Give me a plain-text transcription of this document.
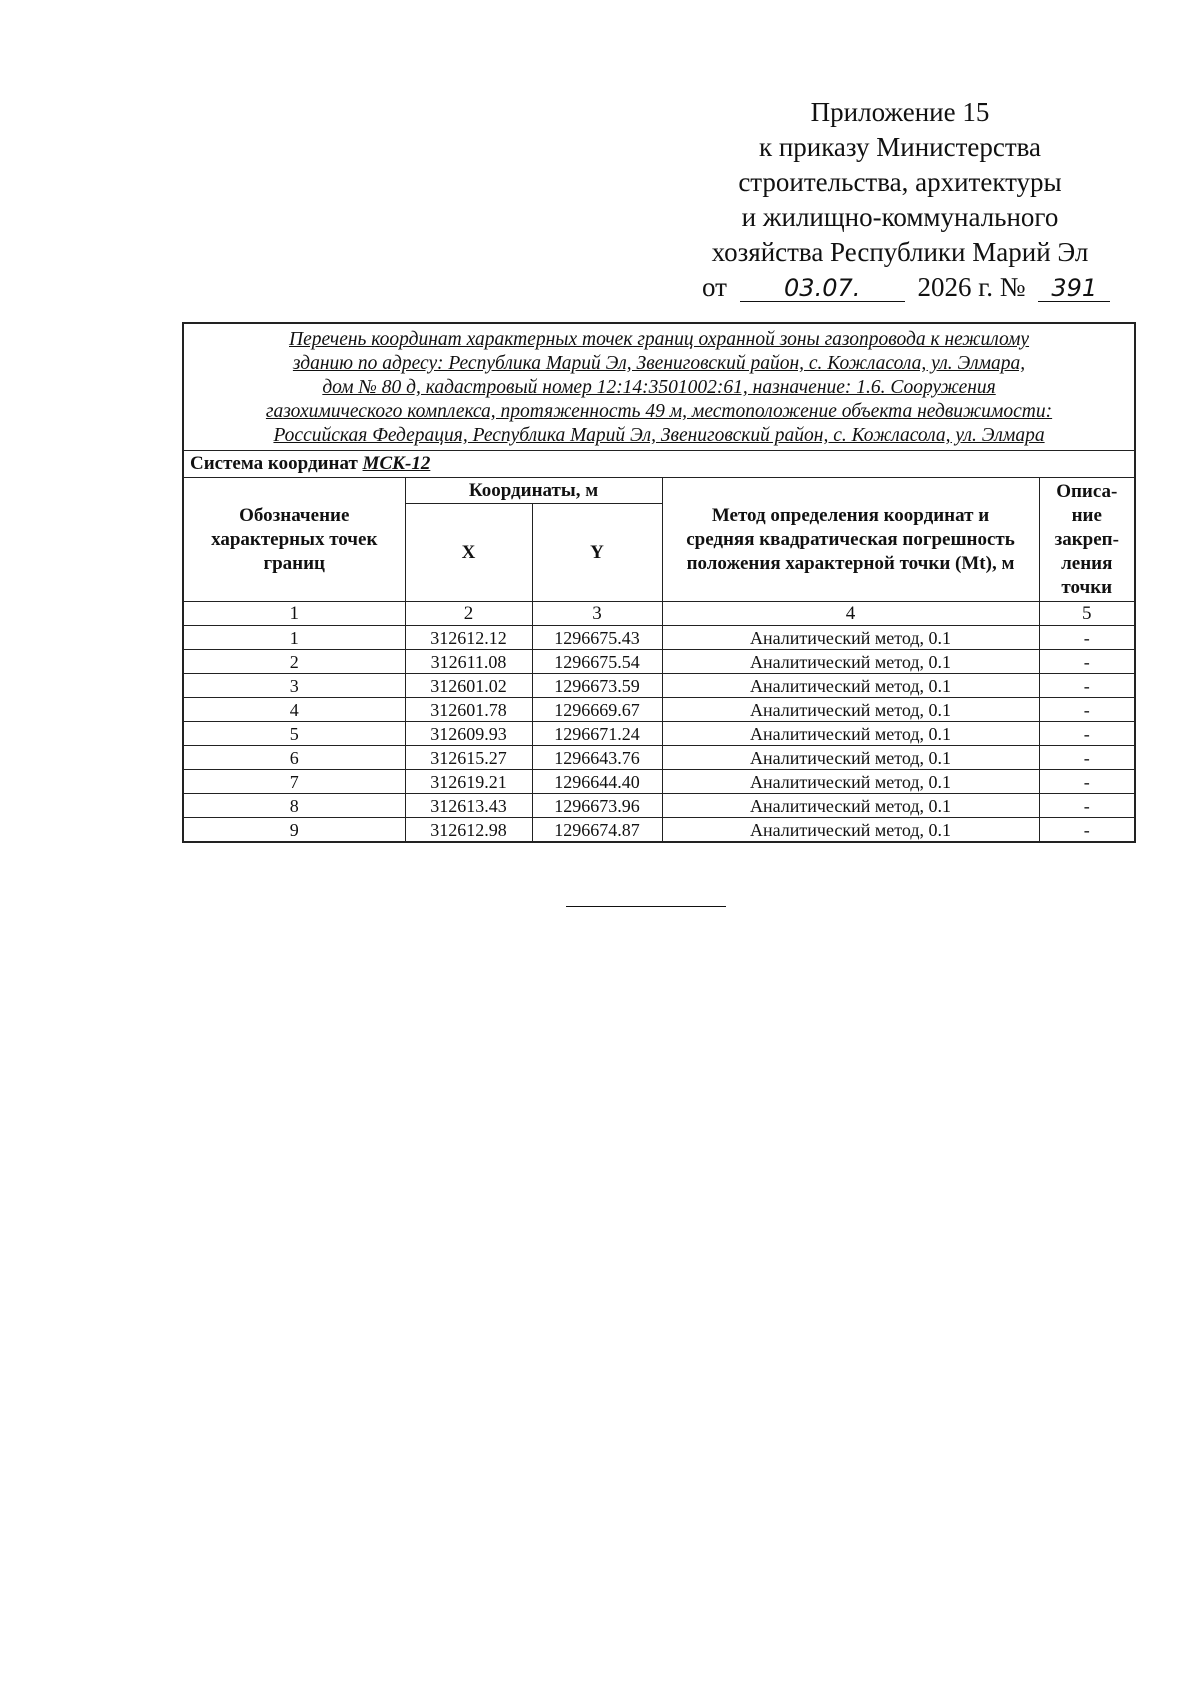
Приложение 15
к приказу Министерства
строительства, архитектуры
и жилищно-коммунального
хозяйства Республики Марий Эл
от 03.07. 2026 г. № 391
Перечень координат характерных точек границ охранной зоны газопровода к нежилому
зданию по адресу: Республика Марий Эл, Звениговский район, с. Кожласола, ул. Элмара,
дом № 80 д, кадастровый номер 12:14:3501002:61, назначение: 1.6. Сооружения
газохимического комплекса, протяженность 49 м, местоположение объекта недвижимости:
Российская Федерация, Республика Марий Эл, Звениговский район, с. Кожласола, ул. Элмара				
Система координат МСК-12				
Обозначение характерных точек границ	Координаты, м		Метод определения координат и средняя квадратическая погрешность положения характерной точки (Mt), м	Описа- ние закреп- ления точки
	X	Y		
1	2	3	4	5
1	312612.12	1296675.43	Аналитический метод, 0.1	-
2	312611.08	1296675.54	Аналитический метод, 0.1	-
3	312601.02	1296673.59	Аналитический метод, 0.1	-
4	312601.78	1296669.67	Аналитический метод, 0.1	-
5	312609.93	1296671.24	Аналитический метод, 0.1	-
6	312615.27	1296643.76	Аналитический метод, 0.1	-
7	312619.21	1296644.40	Аналитический метод, 0.1	-
8	312613.43	1296673.96	Аналитический метод, 0.1	-
9	312612.98	1296674.87	Аналитический метод, 0.1	-
